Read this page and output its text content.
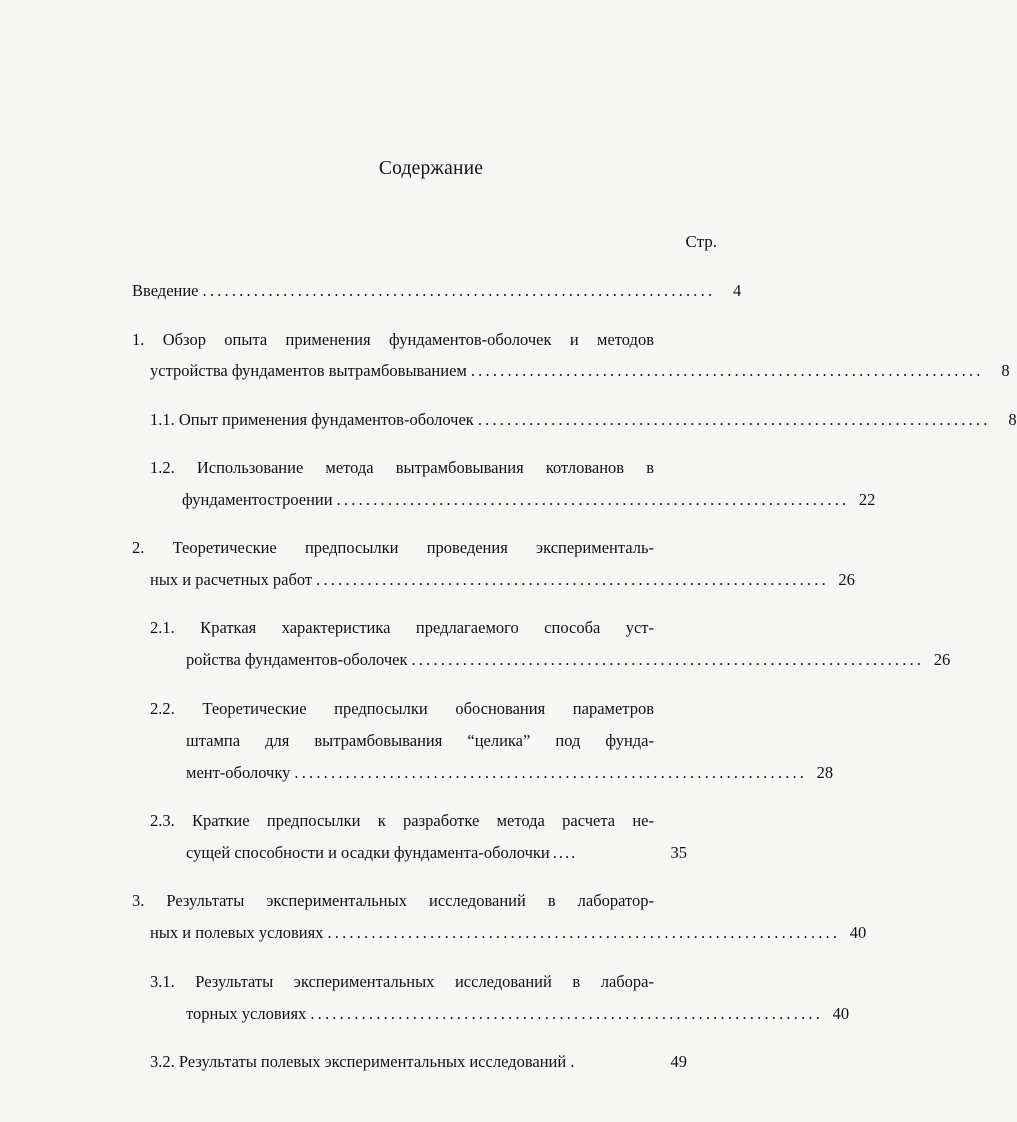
Содержание
Стр.
Введение ......................................................................	4
1. Обзор опыта применения фундаментов-оболочек и методов
устройства фундаментов вытрамбовыванием ......................................................................	8
1.1. Опыт применения фундаментов-оболочек ......................................................................	8
1.2. Использование метода вытрамбовывания котлованов в
фундаментостроении ...................................................................... 22
2. Теоретические предпосылки проведения эксперименталь-
ных и расчетных работ ...................................................................... 26
2.1. Краткая характеристика предлагаемого способа уст-
ройства фундаментов-оболочек ...................................................................... 26
2.2. Теоретические предпосылки обоснования параметров
штампа для вытрамбовывания “целика” под фунда-
мент-оболочку ...................................................................... 28
2.3. Краткие предпосылки к разработке метода расчета не-
сущей способности и осадки фундамента-оболочки ....	35
3. Результаты экспериментальных исследований в лаборатор-
ных и полевых условиях ...................................................................... 40
3.1. Результаты экспериментальных исследований в лабора-
торных условиях ...................................................................... 40
3.2. Результаты полевых экспериментальных исследований .	49
